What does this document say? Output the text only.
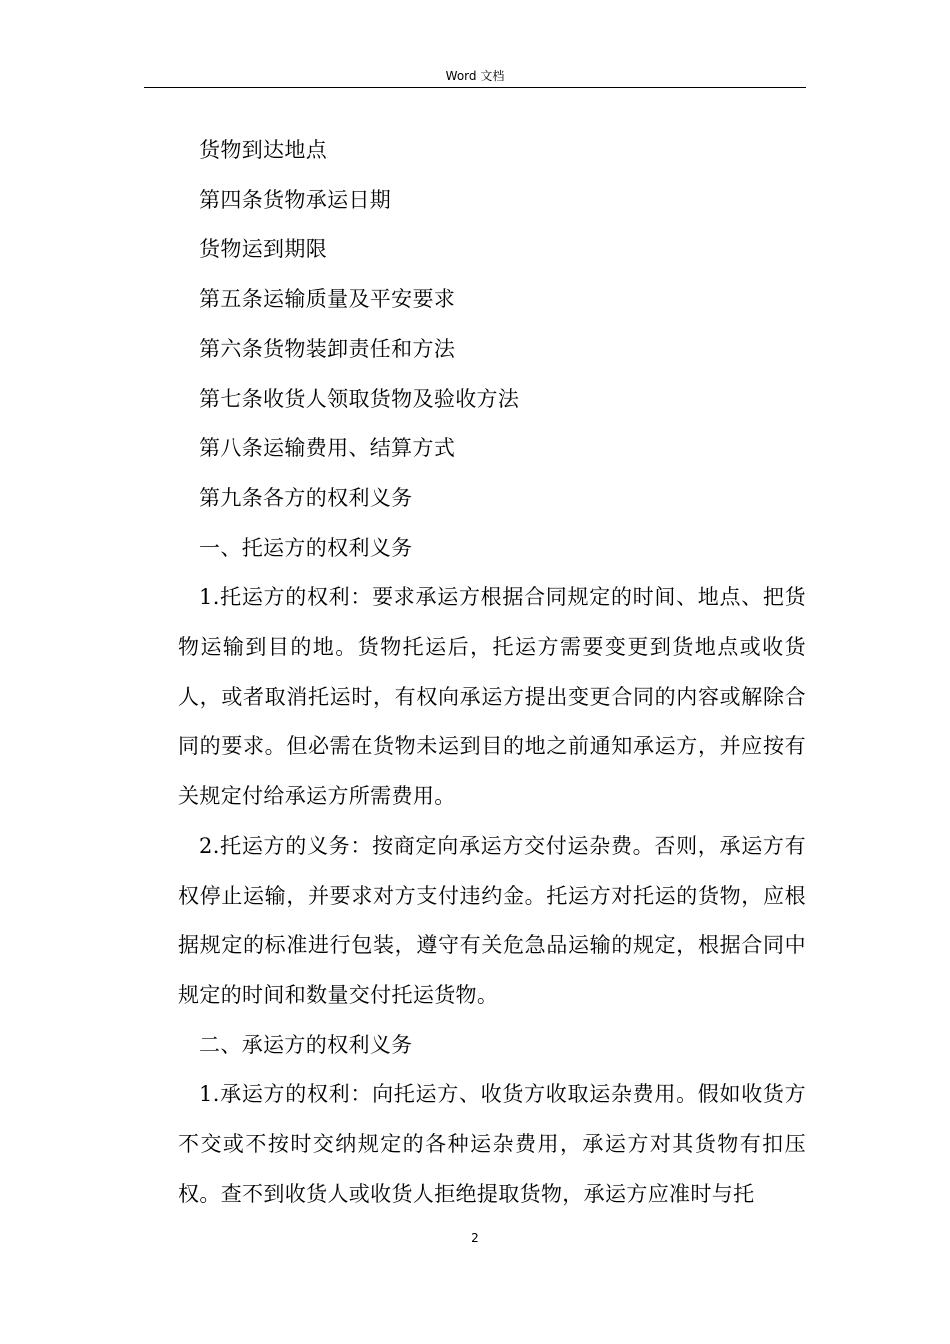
Word 文档

货物到达地点

第四条货物承运日期

货物运到期限

第五条运输质量及平安要求

第六条货物装卸责任和方法

第七条收货人领取货物及验收方法

第八条运输费用、结算方式

第九条各方的权利义务

一、托运方的权利义务

1.托运方的权利：要求承运方根据合同规定的时间、地点、把货物运输到目的地。货物托运后，托运方需要变更到货地点或收货人，或者取消托运时，有权向承运方提出变更合同的内容或解除合同的要求。但必需在货物未运到目的地之前通知承运方，并应按有关规定付给承运方所需费用。

2.托运方的义务：按商定向承运方交付运杂费。否则，承运方有权停止运输，并要求对方支付违约金。托运方对托运的货物，应根据规定的标准进行包装，遵守有关危急品运输的规定，根据合同中规定的时间和数量交付托运货物。

二、承运方的权利义务

1.承运方的权利：向托运方、收货方收取运杂费用。假如收货方不交或不按时交纳规定的各种运杂费用，承运方对其货物有扣压权。查不到收货人或收货人拒绝提取货物，承运方应准时与托

2
